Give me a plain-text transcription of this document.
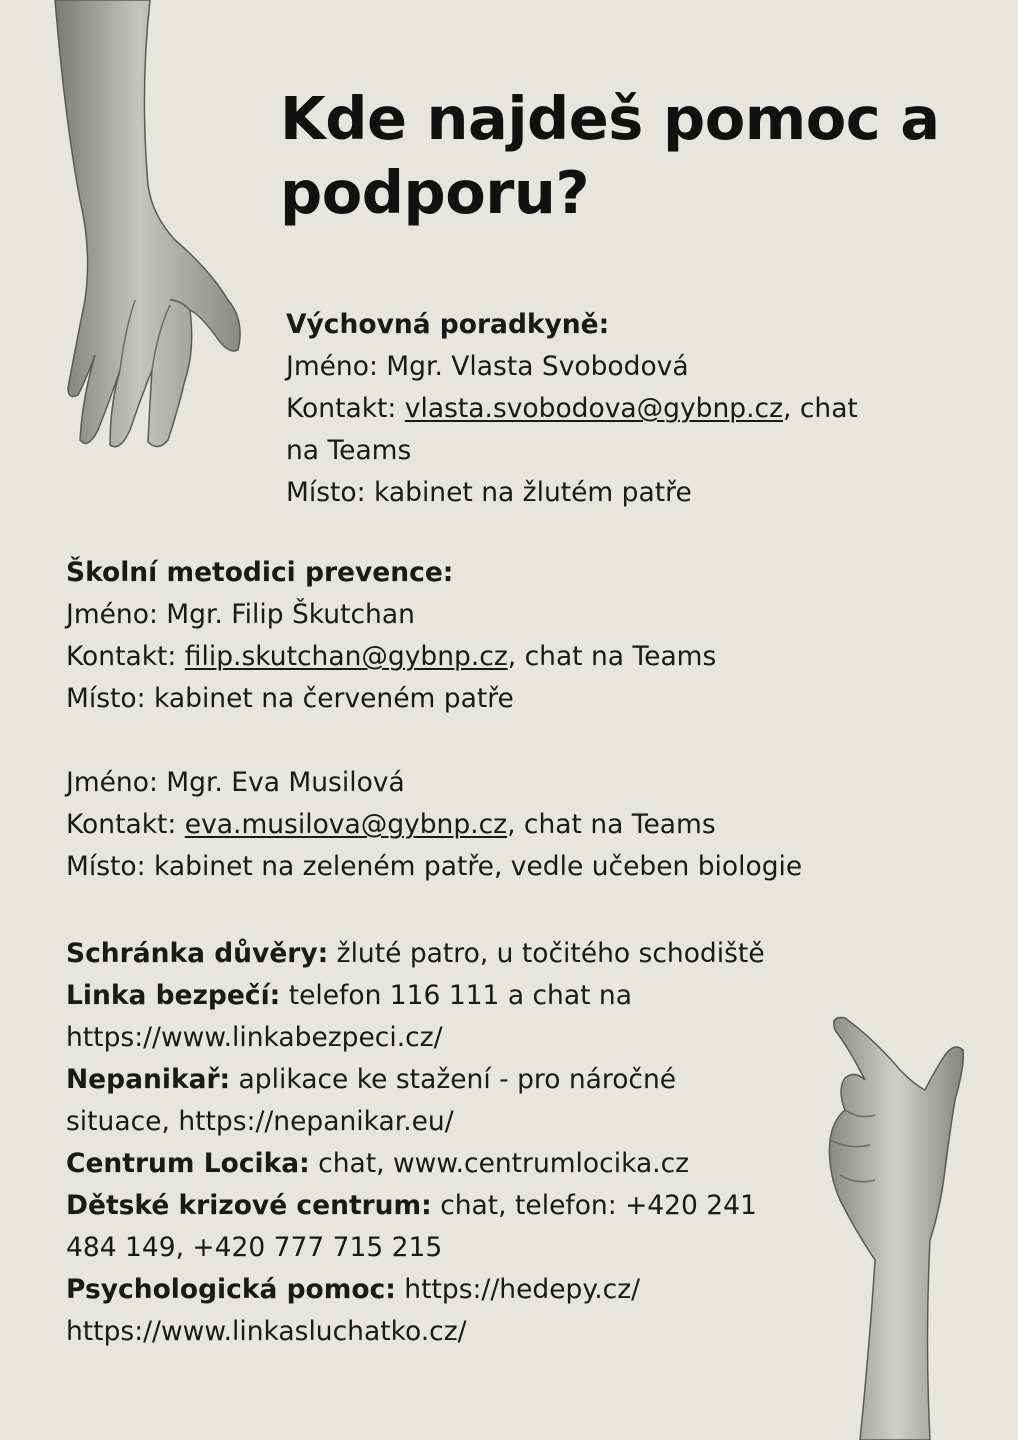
Kde najdeš pomoc a
podporu?
Výchovná poradkyně:
Jméno: Mgr. Vlasta Svobodová
Kontakt: vlasta.svobodova@gybnp.cz, chat
na Teams
Místo: kabinet na žlutém patře
Školní metodici prevence:
Jméno: Mgr. Filip Škutchan
Kontakt: filip.skutchan@gybnp.cz, chat na Teams
Místo: kabinet na červeném patře
Jméno: Mgr. Eva Musilová
Kontakt: eva.musilova@gybnp.cz, chat na Teams
Místo: kabinet na zeleném patře, vedle učeben biologie
Schránka důvěry: žluté patro, u točitého schodiště
Linka bezpečí: telefon 116 111 a chat na
https://www.linkabezpeci.cz/
Nepanikař: aplikace ke stažení - pro náročné
situace, https://nepanikar.eu/
Centrum Locika: chat, www.centrumlocika.cz
Dětské krizové centrum: chat, telefon: +420 241
484 149, +420 777 715 215
Psychologická pomoc: https://hedepy.cz/
https://www.linkasluchatko.cz/
